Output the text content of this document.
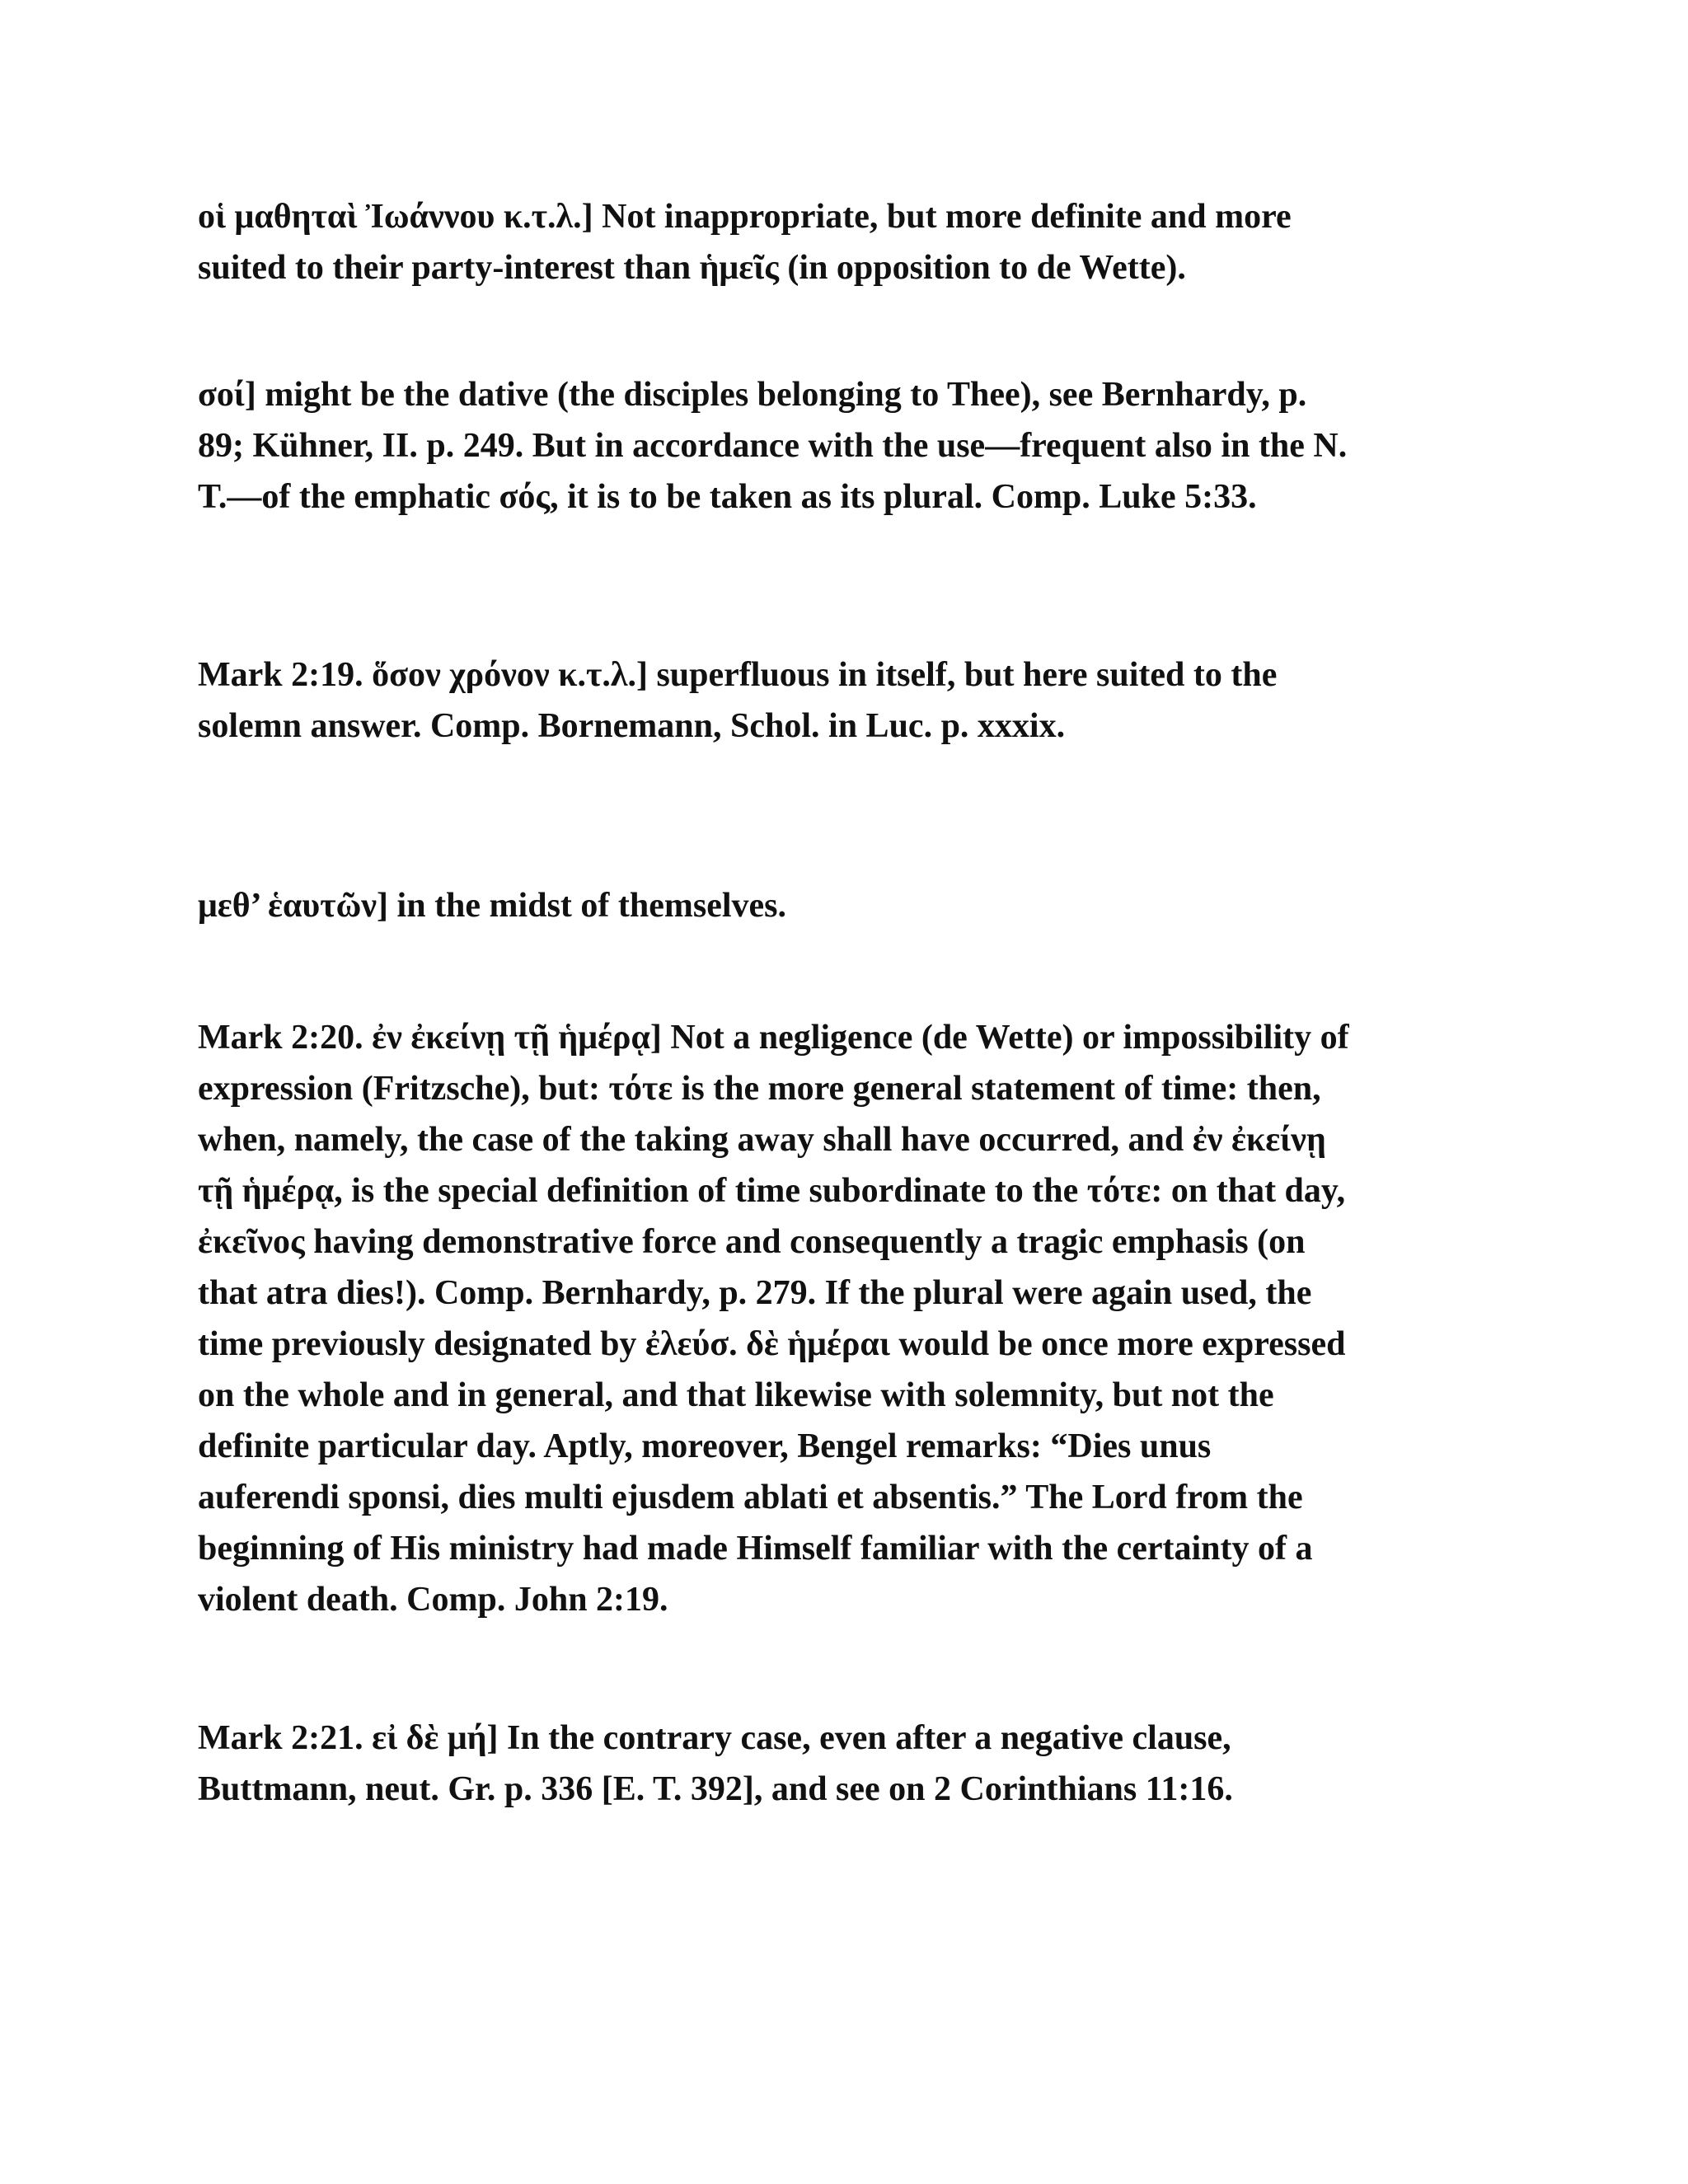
οἱ μαθηταὶ Ἰωάννου κ.τ.λ.] Not inappropriate, but more definite and more
suited to their party-interest than ἡμεῖς (in opposition to de Wette).

σοί] might be the dative (the disciples belonging to Thee), see Bernhardy, p.
89; Kühner, II. p. 249. But in accordance with the use—frequent also in the N.
T.—of the emphatic σός, it is to be taken as its plural. Comp. Luke 5:33.

Mark 2:19. ὅσον χρόνον κ.τ.λ.] superfluous in itself, but here suited to the
solemn answer. Comp. Bornemann, Schol. in Luc. p. xxxix.

μεθ’ ἑαυτῶν] in the midst of themselves.

Mark 2:20. ἐν ἐκείνῃ τῇ ἡμέρᾳ] Not a negligence (de Wette) or impossibility of
expression (Fritzsche), but: τότε is the more general statement of time: then,
when, namely, the case of the taking away shall have occurred, and ἐν ἐκείνῃ
τῇ ἡμέρᾳ, is the special definition of time subordinate to the τότε: on that day,
ἐκεῖνος having demonstrative force and consequently a tragic emphasis (on
that atra dies!). Comp. Bernhardy, p. 279. If the plural were again used, the
time previously designated by ἐλεύσ. δὲ ἡμέραι would be once more expressed
on the whole and in general, and that likewise with solemnity, but not the
definite particular day. Aptly, moreover, Bengel remarks: “Dies unus
auferendi sponsi, dies multi ejusdem ablati et absentis.” The Lord from the
beginning of His ministry had made Himself familiar with the certainty of a
violent death. Comp. John 2:19.

Mark 2:21. εἰ δὲ μή] In the contrary case, even after a negative clause,
Buttmann, neut. Gr. p. 336 [E. T. 392], and see on 2 Corinthians 11:16.
